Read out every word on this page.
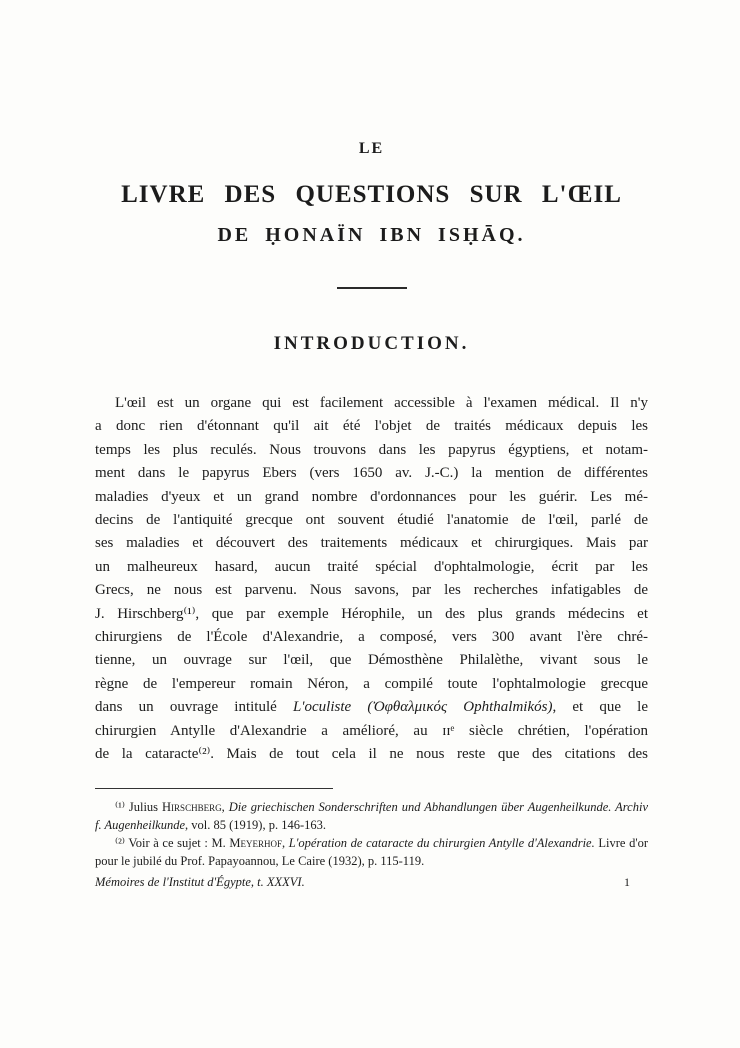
LE
LIVRE DES QUESTIONS SUR L'ŒIL
DE ḤONAÏN IBN ISḤĀQ.
INTRODUCTION.
L'œil est un organe qui est facilement accessible à l'examen médical. Il n'y
a donc rien d'étonnant qu'il ait été l'objet de traités médicaux depuis les
temps les plus reculés. Nous trouvons dans les papyrus égyptiens, et notam-
ment dans le papyrus Ebers (vers 1650 av. J.-C.) la mention de différentes
maladies d'yeux et un grand nombre d'ordonnances pour les guérir. Les mé-
decins de l'antiquité grecque ont souvent étudié l'anatomie de l'œil, parlé de
ses maladies et découvert des traitements médicaux et chirurgiques. Mais par
un malheureux hasard, aucun traité spécial d'ophtalmologie, écrit par les
Grecs, ne nous est parvenu. Nous savons, par les recherches infatigables de
J. Hirschberg⁽¹⁾, que par exemple Hérophile, un des plus grands médecins et
chirurgiens de l'École d'Alexandrie, a composé, vers 300 avant l'ère chré-
tienne, un ouvrage sur l'œil, que Démosthène Philalèthe, vivant sous le
règne de l'empereur romain Néron, a compilé toute l'ophtalmologie grecque
dans un ouvrage intitulé L'oculiste (Ὀφθαλμικός Ophthalmikós), et que le
chirurgien Antylle d'Alexandrie a amélioré, au ɪɪᵉ siècle chrétien, l'opération
de la cataracte⁽²⁾. Mais de tout cela il ne nous reste que des citations des

⁽¹⁾ Julius Hirschberg, Die griechischen Sonderschriften und Abhandlungen über Augenheilkunde. Archiv f. Augenheilkunde, vol. 85 (1919), p. 146-163.

⁽²⁾ Voir à ce sujet : M. Meyerhof, L'opération de cataracte du chirurgien Antylle d'Alexandrie. Livre d'or pour le jubilé du Prof. Papayoannou, Le Caire (1932), p. 115-119.

Mémoires de l'Institut d'Égypte, t. XXXVI.	1
